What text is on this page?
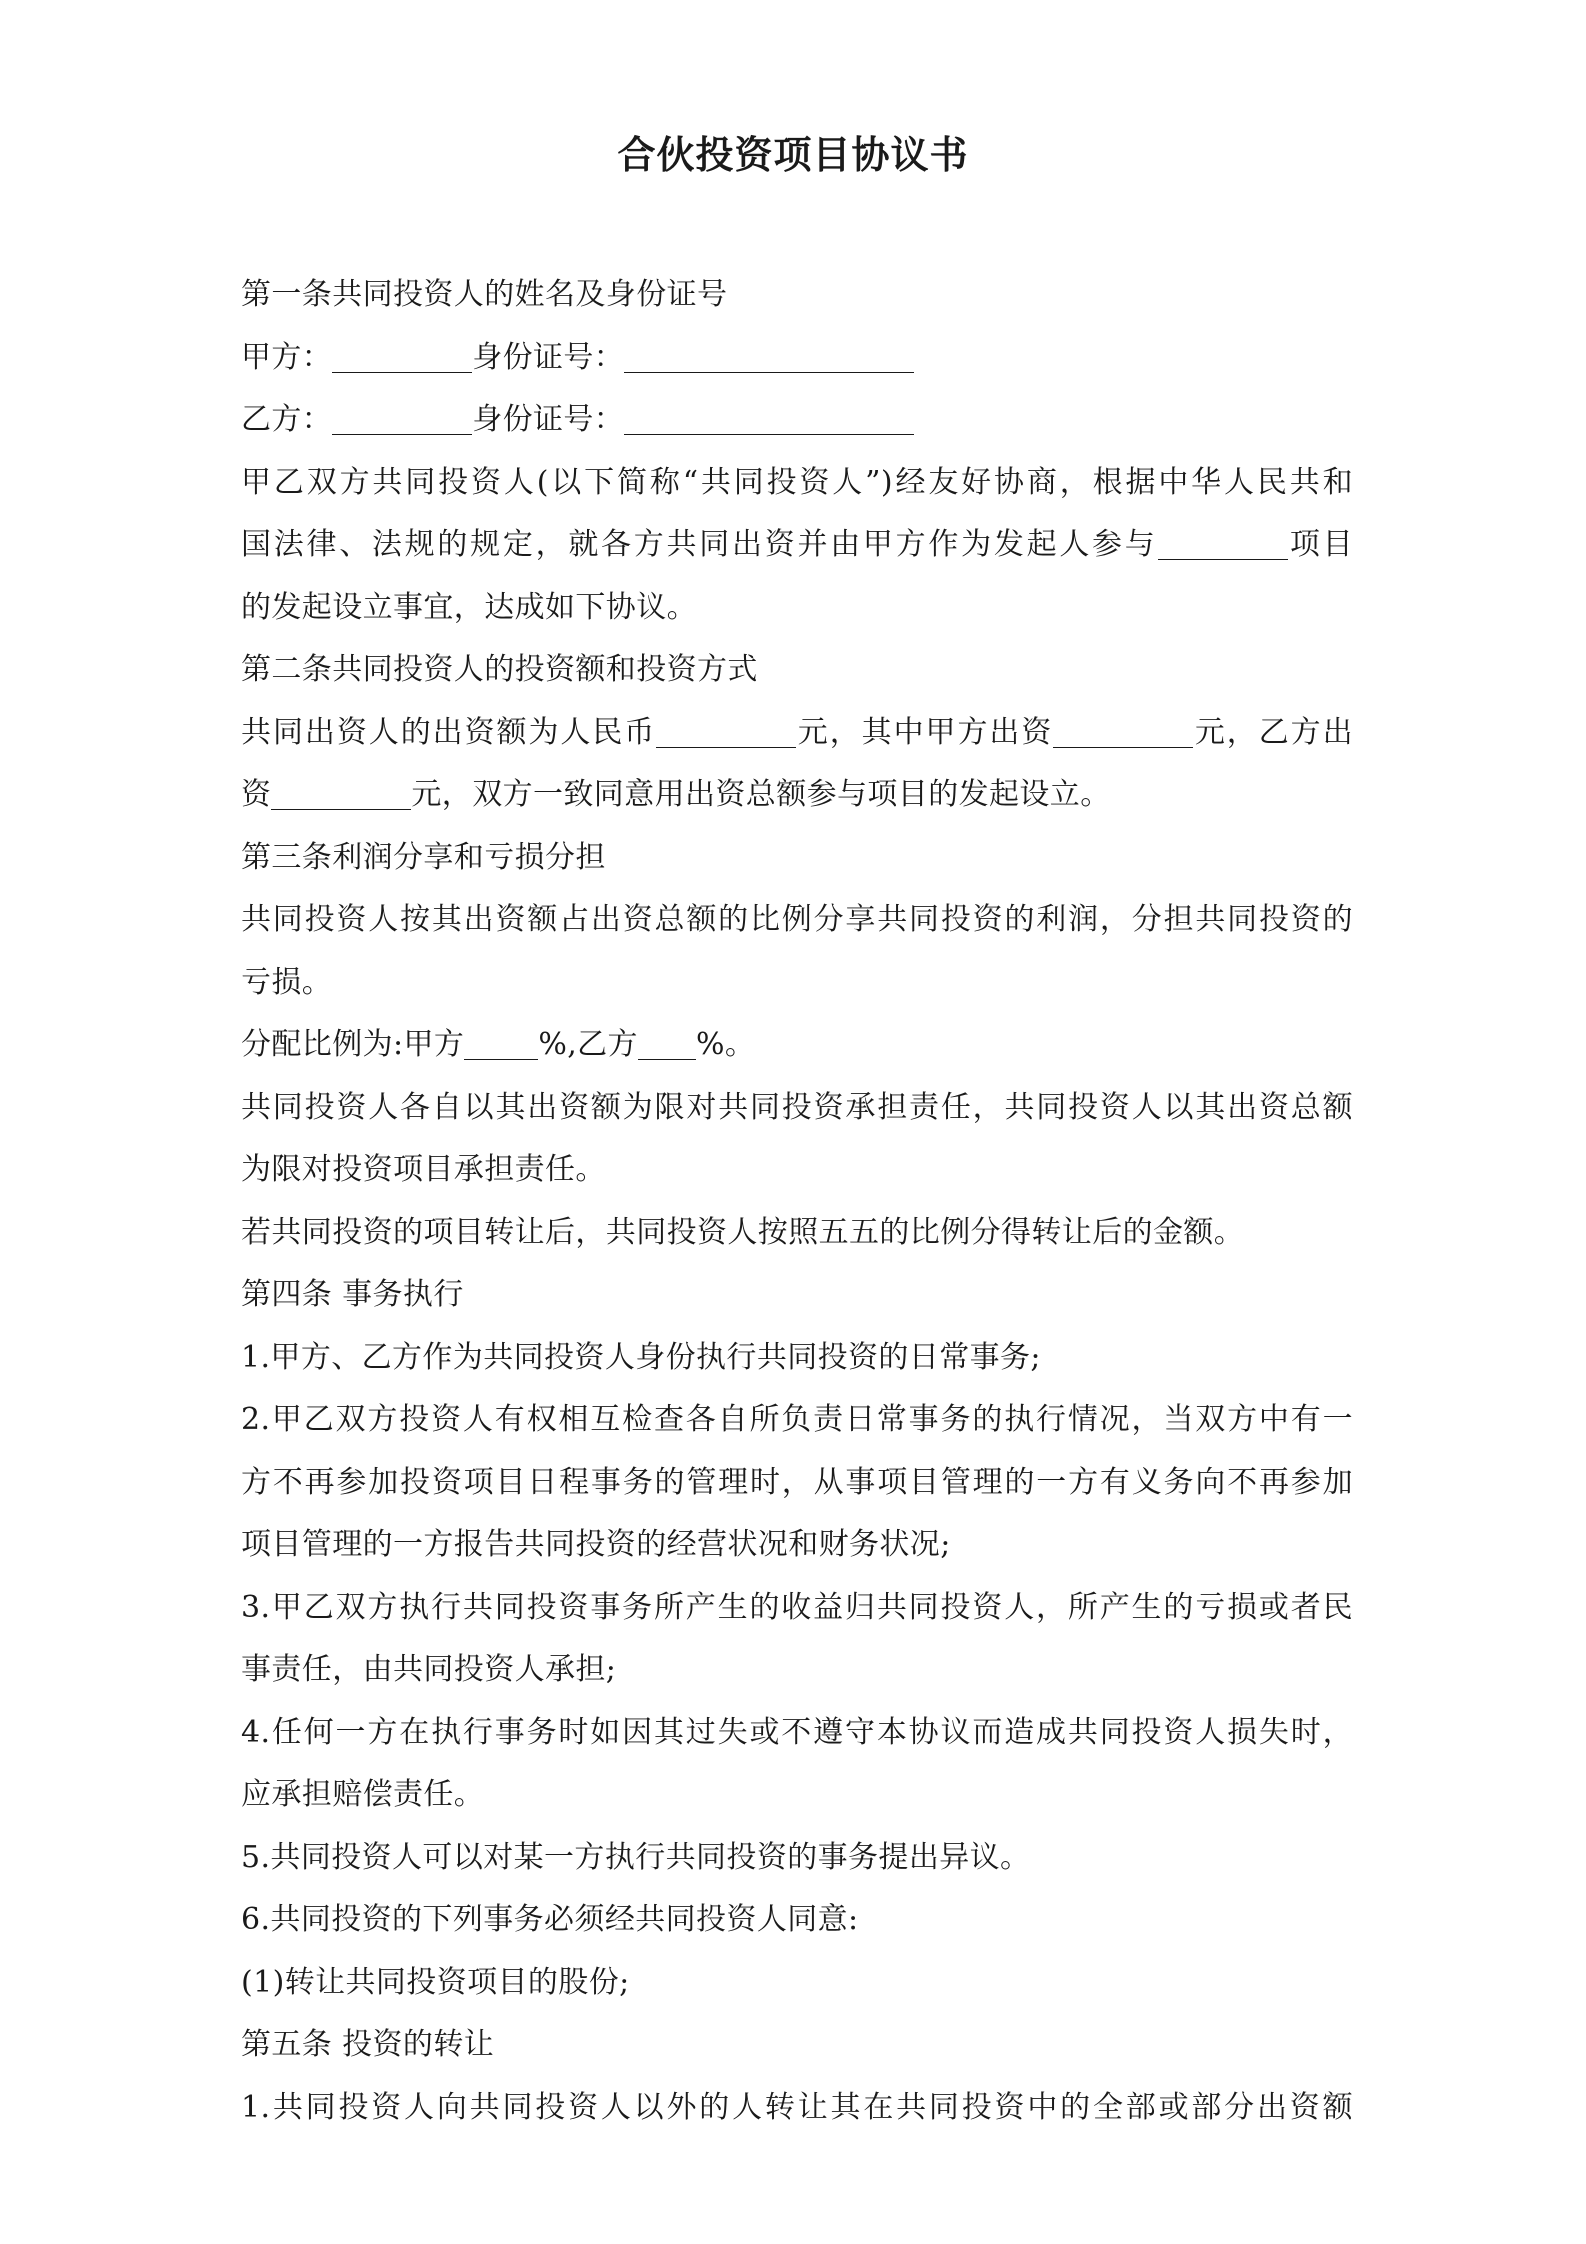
合伙投资项目协议书
第一条共同投资人的姓名及身份证号
甲方：	身份证号：
乙方：	身份证号：
甲乙双方共同投资人(以下简称“共同投资人”)经友好协商，根据中华人民共和
国法律、法规的规定，就各方共同出资并由甲方作为发起人参与	项目
的发起设立事宜，达成如下协议。
第二条共同投资人的投资额和投资方式
共同出资人的出资额为人民币	元，其中甲方出资	元，乙方出
资	元，双方一致同意用出资总额参与项目的发起设立。
第三条利润分享和亏损分担
共同投资人按其出资额占出资总额的比例分享共同投资的利润，分担共同投资的
亏损。
分配比例为:甲方 %,乙方 %。
共同投资人各自以其出资额为限对共同投资承担责任，共同投资人以其出资总额
为限对投资项目承担责任。
若共同投资的项目转让后，共同投资人按照五五的比例分得转让后的金额。
第四条 事务执行
1.甲方、乙方作为共同投资人身份执行共同投资的日常事务;
2.甲乙双方投资人有权相互检查各自所负责日常事务的执行情况，当双方中有一
方不再参加投资项目日程事务的管理时，从事项目管理的一方有义务向不再参加
项目管理的一方报告共同投资的经营状况和财务状况;
3.甲乙双方执行共同投资事务所产生的收益归共同投资人，所产生的亏损或者民
事责任，由共同投资人承担;
4.任何一方在执行事务时如因其过失或不遵守本协议而造成共同投资人损失时，
应承担赔偿责任。
5.共同投资人可以对某一方执行共同投资的事务提出异议。
6.共同投资的下列事务必须经共同投资人同意:
(1)转让共同投资项目的股份;
第五条 投资的转让
1.共同投资人向共同投资人以外的人转让其在共同投资中的全部或部分出资额
